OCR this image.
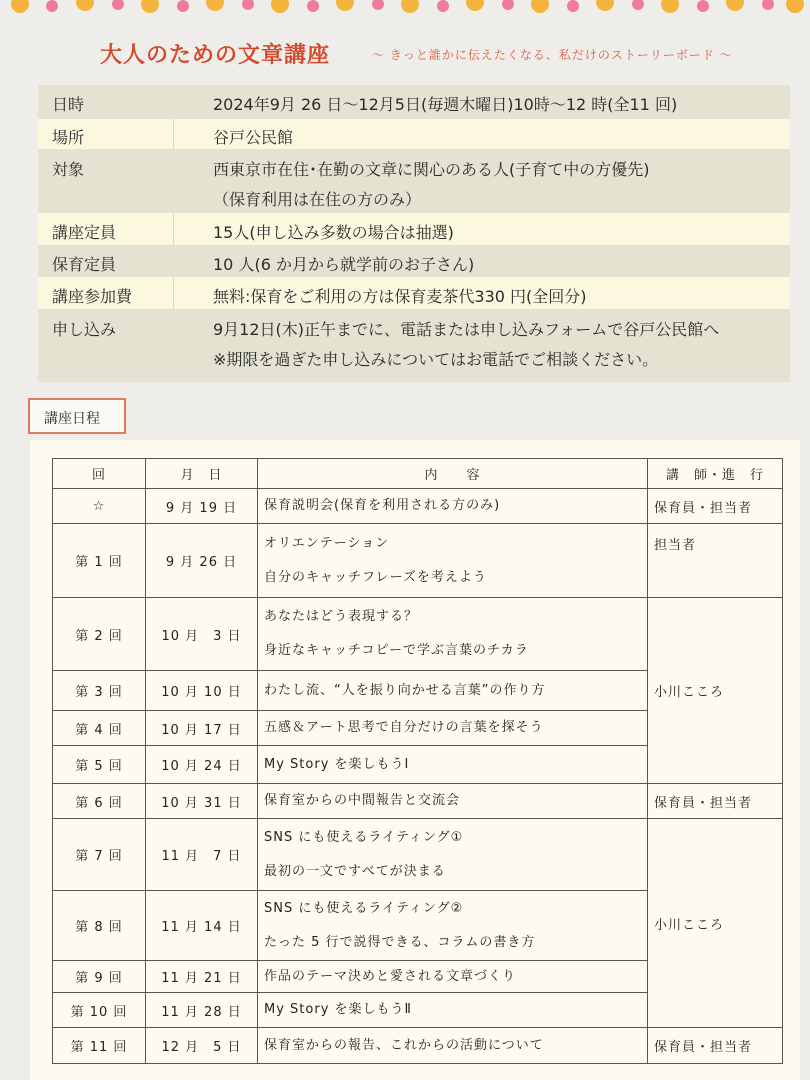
大人のための文章講座	〜 きっと誰かに伝えたくなる、私だけのストーリーボード 〜
日時	2024年9月 26 日～12月5日(毎週木曜日)10時～12 時(全11 回)
場所	谷戸公民館
対象	西東京市在住･在勤の文章に関心のある人(子育て中の方優先)
（保育利用は在住の方のみ）
講座定員	15人(申し込み多数の場合は抽選)
保育定員	10 人(6 か月から就学前のお子さん)
講座参加費	無料:保育をご利用の方は保育麦茶代330 円(全回分)
申し込み	9月12日(木)正午までに、電話または申し込みフォームで谷戸公民館へ
※期限を過ぎた申し込みについてはお電話でご相談ください。
講座日程
回	月　日	内　　容	講　師・進　行
☆	9 月 19 日	保育説明会(保育を利用される方のみ)	保育員・担当者
第 1 回	9 月 26 日	オリエンテーション
自分のキャッチフレーズを考えよう	担当者
第 2 回	10 月　3 日	あなたはどう表現する？
身近なキャッチコピーで学ぶ言葉のチカラ	小川こころ
第 3 回	10 月 10 日	わたし流、“人を振り向かせる言葉”の作り方	

第 4 回	10 月 17 日	五感＆アート思考で自分だけの言葉を探そう	

第 5 回	10 月 24 日	My Story を楽しもうⅠ	

第 6 回	10 月 31 日	保育室からの中間報告と交流会	保育員・担当者
第 7 回	11 月　7 日	SNS にも使えるライティング①
最初の一文ですべてが決まる	小川こころ
第 8 回	11 月 14 日	SNS にも使えるライティング②
たった 5 行で説得できる、コラムの書き方	

第 9 回	11 月 21 日	作品のテーマ決めと愛される文章づくり	

第 10 回	11 月 28 日	My Story を楽しもうⅡ	

第 11 回	12 月　5 日	保育室からの報告、これからの活動について	保育員・担当者
